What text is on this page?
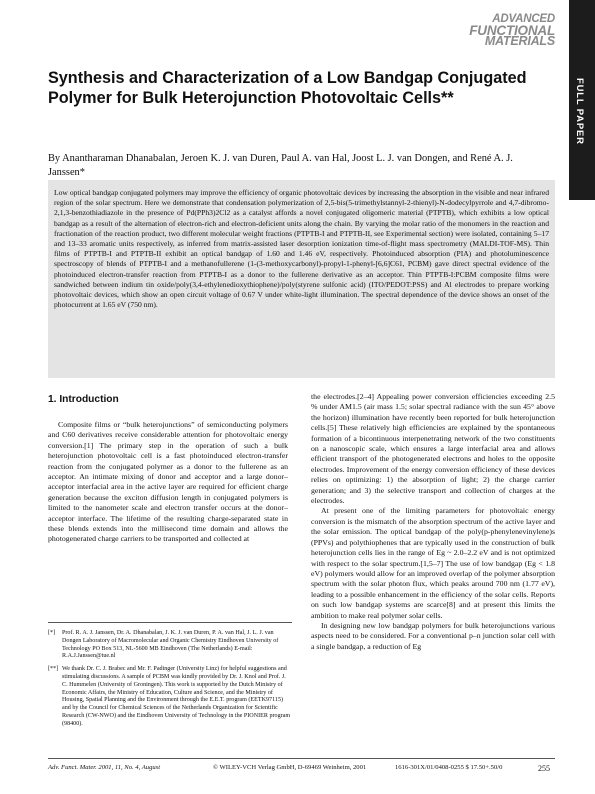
ADVANCED
FUNCTIONAL
MATERIALS
FULL PAPER
Synthesis and Characterization of a Low Bandgap Conjugated Polymer for Bulk Heterojunction Photovoltaic Cells**
By Anantharaman Dhanabalan, Jeroen K. J. van Duren, Paul A. van Hal, Joost L. J. van Dongen, and René A. J. Janssen*

Low optical bandgap conjugated polymers may improve the efficiency of organic photovoltaic devices by increasing the absorption in the visible and near infrared region of the solar spectrum. Here we demonstrate that condensation polymerization of 2,5-bis(5-trimethylstannyl-2-thienyl)-N-dodecylpyrrole and 4,7-dibromo-2,1,3-benzothiadiazole in the presence of Pd(PPh3)2Cl2 as a catalyst affords a novel conjugated oligomeric material (PTPTB), which exhibits a low optical bandgap as a result of the alternation of electron-rich and electron-deficient units along the chain. By varying the molar ratio of the monomers in the reaction and fractionation of the reaction product, two different molecular weight fractions (PTPTB-I and PTPTB-II, see Experimental section) were isolated, containing 5–17 and 13–33 aromatic units respectively, as inferred from matrix-assisted laser desorption ionization time-of-flight mass spectrometry (MALDI-TOF-MS). Thin films of PTPTB-I and PTPTB-II exhibit an optical bandgap of 1.60 and 1.46 eV, respectively. Photoinduced absorption (PIA) and photoluminescence spectroscopy of blends of PTPTB-I and a methanofullerene (1-(3-methoxycarbonyl)-propyl-1-phenyl-[6,6]C61, PCBM) gave direct spectral evidence of the photoinduced electron-transfer reaction from PTPTB-I as a donor to the fullerene derivative as an acceptor. Thin PTPTB-I:PCBM composite films were sandwiched between indium tin oxide/poly(3,4-ethylenedioxythiophene)/poly(styrene sulfonic acid) (ITO/PEDOT:PSS) and Al electrodes to prepare working photovoltaic devices, which show an open circuit voltage of 0.67 V under white-light illumination. The spectral dependence of the device shows an onset of the photocurrent at 1.65 eV (750 nm).

1. Introduction

Composite films or “bulk heterojunctions” of semiconducting polymers and C60 derivatives receive considerable attention for photovoltaic energy conversion.[1] The primary step in the operation of such a bulk heterojunction photovoltaic cell is a fast photoinduced electron-transfer reaction from the conjugated polymer as a donor to the fullerene as an acceptor. An intimate mixing of donor and acceptor and a large donor–acceptor interfacial area in the active layer are required for efficient charge generation because the exciton diffusion length in conjugated polymers is limited to the nanometer scale and electron transfer occurs at the donor–acceptor interface. The lifetime of the resulting charge-separated state in these blends extends into the millisecond time domain and allows the photogenerated charge carriers to be transported and collected at

the electrodes.[2–4] Appealing power conversion efficiencies exceeding 2.5 % under AM1.5 (air mass 1.5; solar spectral radiance with the sun 45° above the horizon) illumination have recently been reported for bulk heterojunction cells.[5] These relatively high efficiencies are explained by the spontaneous formation of a bicontinuous interpenetrating network of the two constituents on a nanoscopic scale, which ensures a large interfacial area and allows efficient transport of the photogenerated electrons and holes to the opposite electrodes. Improvement of the energy conversion efficiency of these devices relies on optimizing: 1) the absorption of light; 2) the charge carrier generation; and 3) the selective transport and collection of charges at the electrodes.

At present one of the limiting parameters for photovoltaic energy conversion is the mismatch of the absorption spectrum of the active layer and the solar emission. The optical bandgap of the poly(p-phenylenevinylene)s (PPVs) and polythiophenes that are typically used in the construction of bulk heterojunction cells lies in the range of Eg ~ 2.0–2.2 eV and is not optimized with respect to the solar spectrum.[1,5–7] The use of low bandgap (Eg < 1.8 eV) polymers would allow for an improved overlap of the polymer absorption spectrum with the solar photon flux, which peaks around 700 nm (1.77 eV), leading to a possible enhancement in the efficiency of the solar cells. Reports on such low bandgap systems are scarce[8] and at present this limits the ambition to make real polymer solar cells.

In designing new low bandgap polymers for bulk heterojunctions various aspects need to be considered. For a conventional p–n junction solar cell with a single bandgap, a reduction of Eg

[*] Prof. R. A. J. Janssen, Dr. A. Dhanabalan, J. K. J. van Duren, P. A. van Hal, J. L. J. van Dongen Laboratory of Macromolecular and Organic Chemistry Eindhoven University of Technology PO Box 513, NL-5600 MB Eindhoven (The Netherlands) E-mail: R.A.J.Janssen@tue.nl
[**] We thank Dr. C. J. Brabec and Mr. F. Padinger (University Linz) for helpful suggestions and stimulating discussions. A sample of PCBM was kindly provided by Dr. J. Knol and Prof. J. C. Hummelen (University of Groningen). This work is supported by the Dutch Ministry of Economic Affairs, the Ministry of Education, Culture and Science, and the Ministry of Housing, Spatial Planning and the Environment through the E.E.T. program (EETK97115) and by the Council for Chemical Sciences of the Netherlands Organization for Scientific Research (CW-NWO) and the Eindhoven University of Technology in the PIONIER program (98400).
Adv. Funct. Mater. 2001, 11, No. 4, August	© WILEY-VCH Verlag GmbH, D-69469 Weinheim, 2001	1616-301X/01/0408-0255 $ 17.50+.50/0	255
